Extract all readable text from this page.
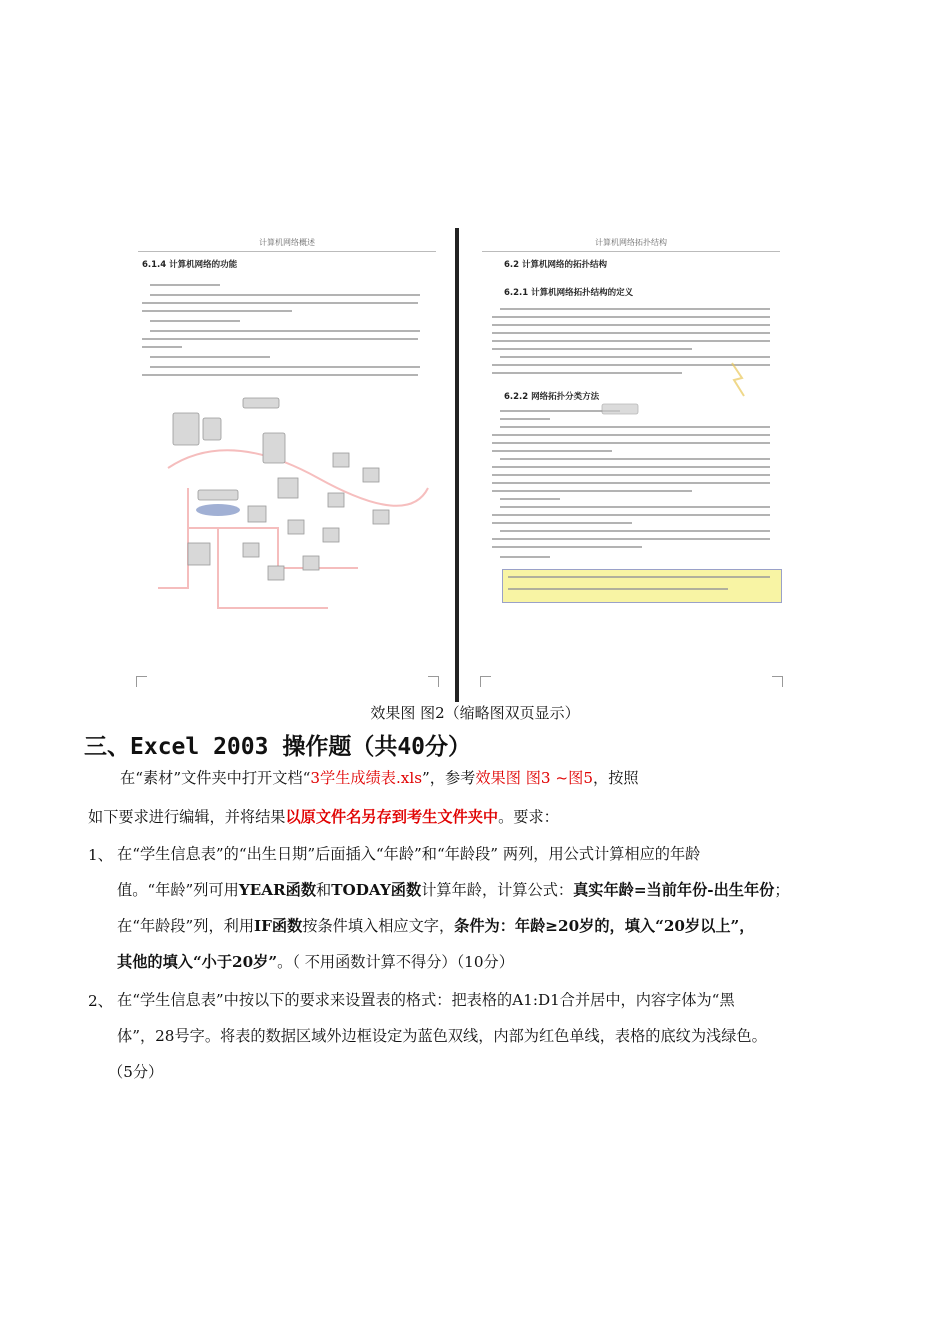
计算机网络概述
6.1.4 计算机网络的功能
计算机网络拓扑结构
6.2 计算机网络的拓扑结构
6.2.1 计算机网络拓扑结构的定义
6.2.2 网络拓扑分类方法
效果图 图2（缩略图双页显示）
三、Excel 2003 操作题（共40分）
在“素材”文件夹中打开文档“3学生成绩表.xls”，参考效果图 图3 ~图5，按照
如下要求进行编辑，并将结果以原文件名另存到考生文件夹中。要求：
1、 在“学生信息表”的“出生日期”后面插入“年龄”和“年龄段” 两列，用公式计算相应的年龄
值。“年龄”列可用YEAR函数和TODAY函数计算年龄，计算公式：真实年龄=当前年份-出生年份；
在“年龄段”列，利用IF函数按条件填入相应文字，条件为：年龄≥20岁的，填入“20岁以上”，
其他的填入“小于20岁”。（ 不用函数计算不得分）（10分）
2、 在“学生信息表”中按以下的要求来设置表的格式：把表格的A1:D1合并居中，内容字体为“黑
体”，28号字。将表的数据区域外边框设定为蓝色双线，内部为红色单线，表格的底纹为浅绿色。
（5分）
